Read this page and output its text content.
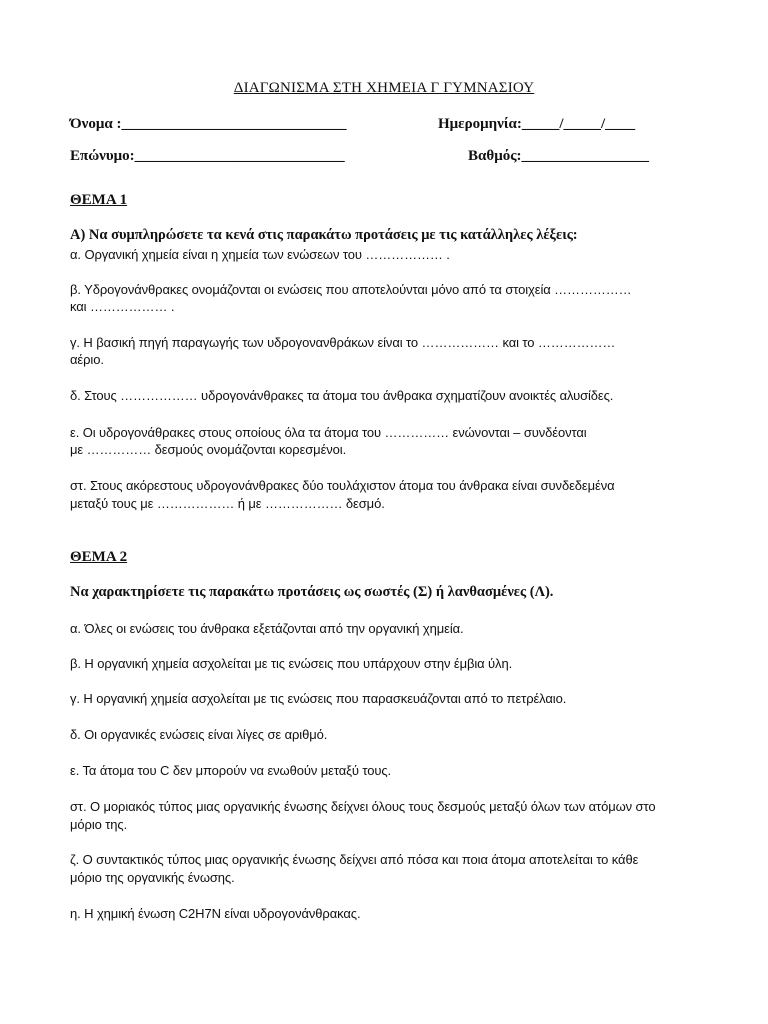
ΔΙΑΓΩΝΙΣΜΑ ΣΤΗ ΧΗΜΕΙΑ Γ ΓΥΜΝΑΣΙΟΥ
Όνομα :______________________________	Ημερομηνία:_____/_____/____
Επώνυμο:____________________________	Βαθμός:_________________
ΘΕΜΑ 1
Α) Να συμπληρώσετε τα κενά στις παρακάτω προτάσεις με τις κατάλληλες λέξεις:
α. Οργανική χημεία είναι η χημεία των ενώσεων του ……………… .
β. Υδρογονάνθρακες ονομάζονται οι ενώσεις που αποτελούνται μόνο από τα στοιχεία ………………
και ……………… .
γ. Η βασική πηγή παραγωγής των υδρογονανθράκων είναι το ……………… και το ………………
αέριο.
δ. Στους ……………… υδρογονάνθρακες τα άτομα του άνθρακα σχηματίζουν ανοικτές αλυσίδες.
ε. Οι υδρογονάθρακες στους οποίους όλα τα άτομα του …………… ενώνονται – συνδέονται
με …………… δεσμούς ονομάζονται κορεσμένοι.
στ. Στους ακόρεστους υδρογονάνθρακες δύο τουλάχιστον άτομα του άνθρακα είναι συνδεδεμένα
μεταξύ τους με ……………… ή με ……………… δεσμό.
ΘΕΜΑ 2
Να χαρακτηρίσετε τις παρακάτω προτάσεις ως σωστές (Σ) ή λανθασμένες (Λ).
α. Όλες οι ενώσεις του άνθρακα εξετάζονται από την οργανική χημεία.
β. Η οργανική χημεία ασχολείται με τις ενώσεις που υπάρχουν στην έμβια ύλη.
γ. Η οργανική χημεία ασχολείται με τις ενώσεις που παρασκευάζονται από το πετρέλαιο.
δ. Οι οργανικές ενώσεις είναι λίγες σε αριθμό.
ε. Τα άτομα του C δεν μπορούν να ενωθούν μεταξύ τους.
στ. Ο μοριακός τύπος μιας οργανικής ένωσης δείχνει όλους τους δεσμούς μεταξύ όλων των ατόμων στο
μόριο της.
ζ. Ο συντακτικός τύπος μιας οργανικής ένωσης δείχνει από πόσα και ποια άτομα αποτελείται το κάθε
μόριο της οργανικής ένωσης.
η. Η χημική ένωση C2H7N είναι υδρογονάνθρακας.
